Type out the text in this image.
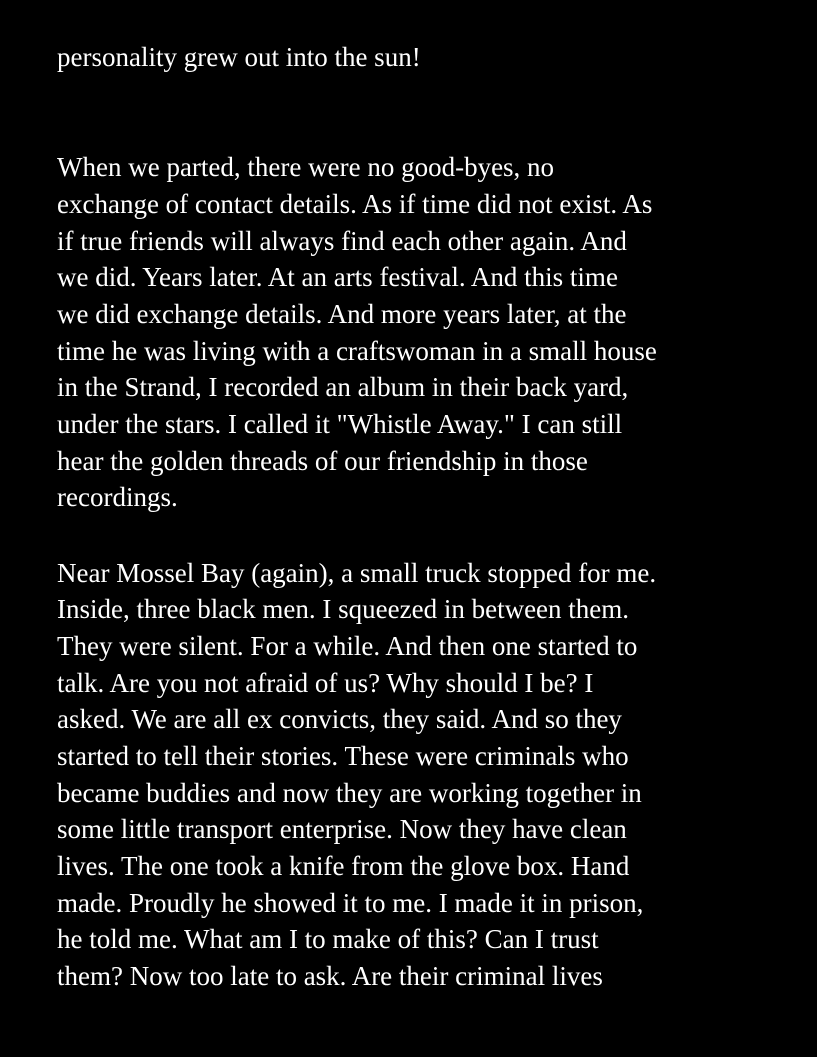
personality grew out into the sun!
When we parted, there were no good-byes, no
exchange of contact details. As if time did not exist. As
if true friends will always find each other again. And
we did. Years later. At an arts festival. And this time
we did exchange details. And more years later, at the
time he was living with a craftswoman in a small house
in the Strand, I recorded an album in their back yard,
under the stars. I called it "Whistle Away." I can still
hear the golden threads of our friendship in those
recordings.
Near Mossel Bay (again), a small truck stopped for me.
Inside, three black men. I squeezed in between them.
They were silent. For a while. And then one started to
talk. Are you not afraid of us? Why should I be? I
asked. We are all ex convicts, they said. And so they
started to tell their stories. These were criminals who
became buddies and now they are working together in
some little transport enterprise. Now they have clean
lives. The one took a knife from the glove box. Hand
made. Proudly he showed it to me. I made it in prison,
he told me. What am I to make of this? Can I trust
them? Now too late to ask. Are their criminal lives
